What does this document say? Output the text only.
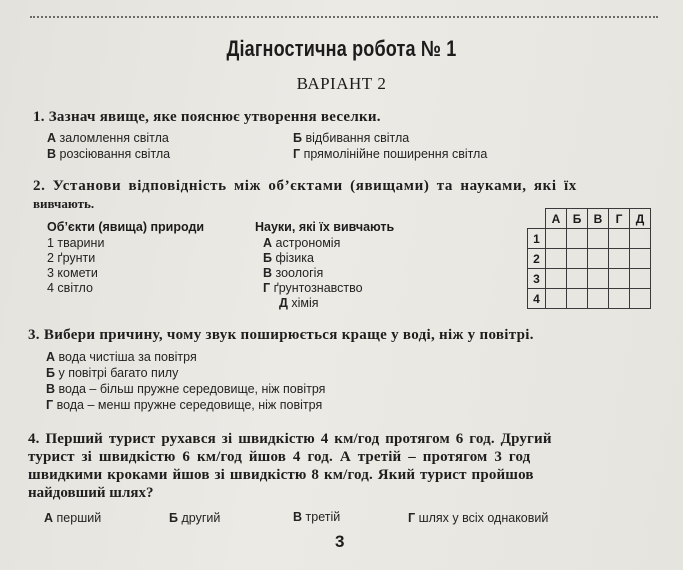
Діагностична робота № 1
ВАРІАНТ 2
1. Зазнач явище, яке пояснює утворення веселки.
А заломлення світла	Б відбивання світла
В розсіювання світла	Г прямолінійне поширення світла
2. Установи відповідність між об’єктами (явищами) та науками, які їх
вивчають.
Об’єкти (явища) природи
1 тварини
2 ґрунти
3 комети
4 світло
Науки, які їх вивчають
А астрономія
Б фізика
В зоологія
Г ґрунтознавство
Д хімія
	А	Б	В	Г	Д
1					
2					
3					
4					
3. Вибери причину, чому звук поширюється краще у воді, ніж у повітрі.
А вода чистіша за повітря
Б у повітрі багато пилу
В вода – більш пружне середовище, ніж повітря
Г вода – менш пружне середовище, ніж повітря
4. Перший турист рухався зі швидкістю 4 км/год протягом 6 год. Другий
турист зі швидкістю 6 км/год йшов 4 год. А третій – протягом 3 год
швидкими кроками йшов зі швидкістю 8 км/год. Який турист пройшов
найдовший шлях?
А перший	Б другий	В третій	Г шлях у всіх однаковий
3
